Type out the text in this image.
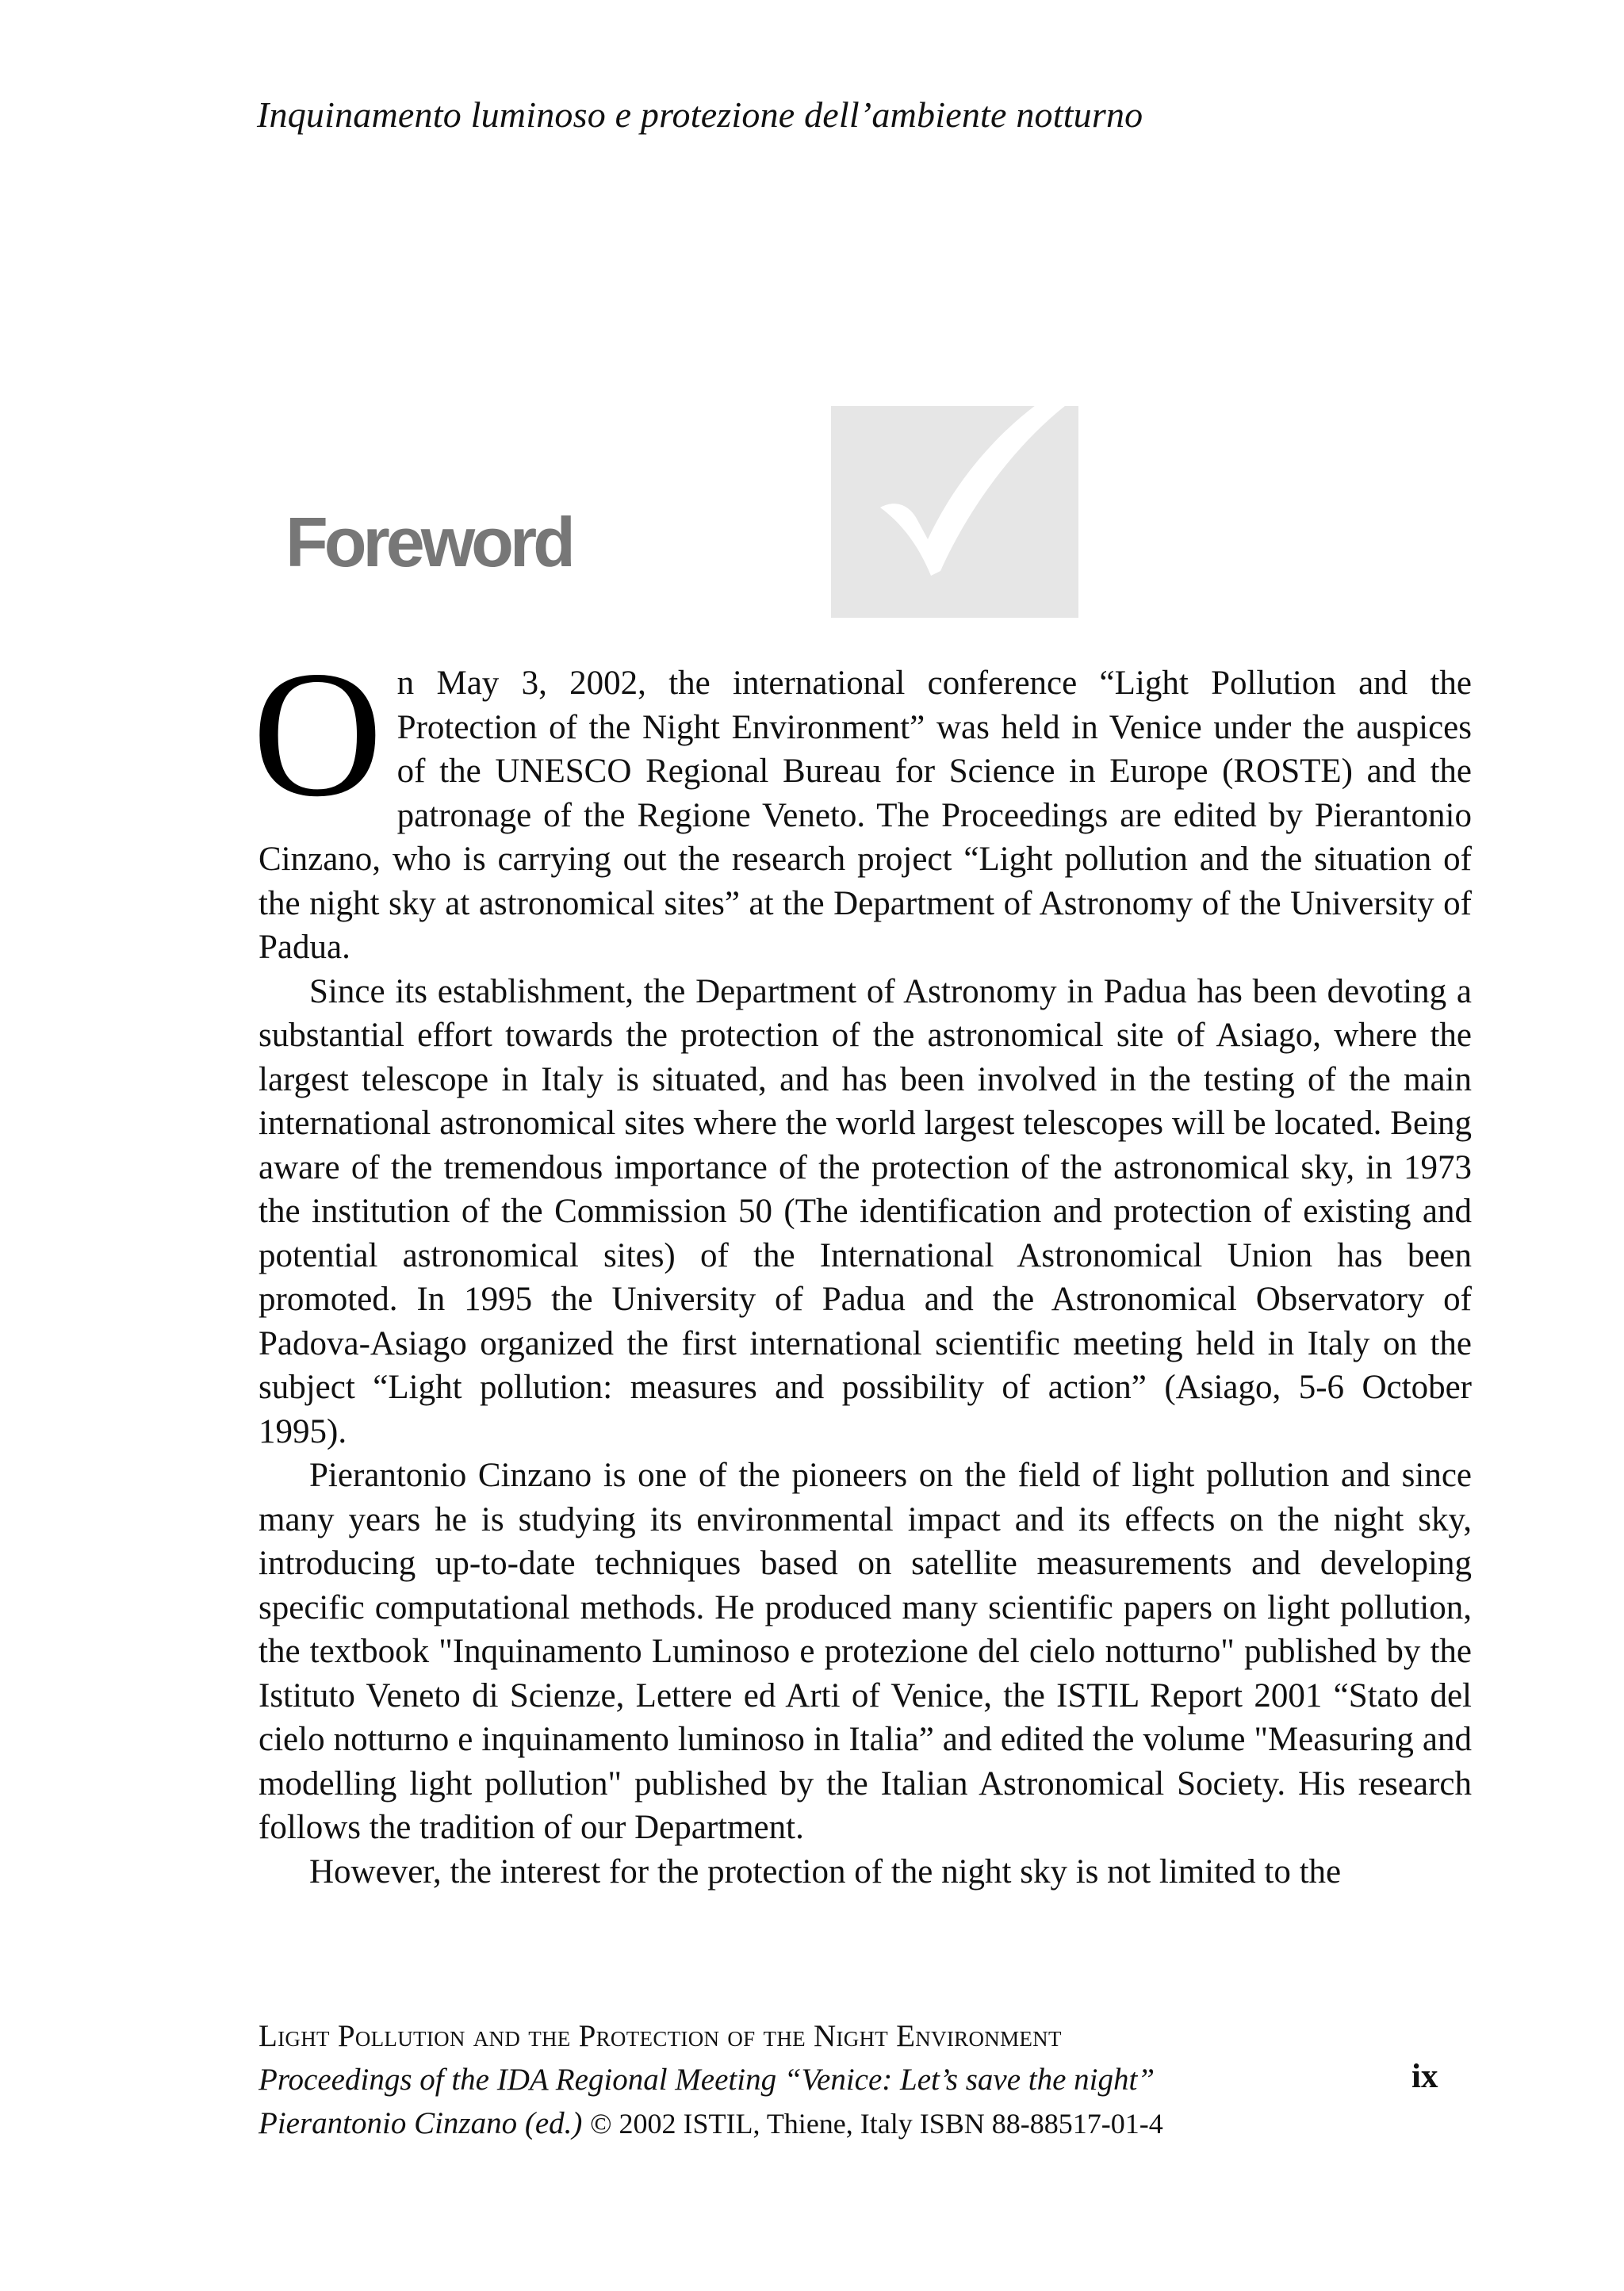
Inquinamento luminoso e protezione dell’ambiente notturno
Foreword

On May 3, 2002, the international conference “Light Pollution and the Protection of the Night Environment” was held in Venice under the auspices of the UNESCO Regional Bureau for Science in Europe (ROSTE) and the patronage of the Regione Veneto. The Proceedings are edited by Pierantonio Cinzano, who is carrying out the research project “Light pollution and the situation of the night sky at astronomical sites” at the Department of Astronomy of the University of Padua.

Since its establishment, the Department of Astronomy in Padua has been devoting a substantial effort towards the protection of the astronomical site of Asiago, where the largest telescope in Italy is situated, and has been involved in the testing of the main international astronomical sites where the world largest telescopes will be located. Being aware of the tremendous importance of the protection of the astronomical sky, in 1973 the institution of the Commission 50 (The identification and protection of existing and potential astronomical sites) of the International Astronomical Union has been promoted. In 1995 the University of Padua and the Astronomical Observatory of Padova-Asiago organized the first international scientific meeting held in Italy on the subject “Light pollution: measures and possibility of action” (Asiago, 5-6 October 1995).

Pierantonio Cinzano is one of the pioneers on the field of light pollution and since many years he is studying its environmental impact and its effects on the night sky, introducing up-to-date techniques based on satellite measurements and developing specific computational methods. He produced many scientific papers on light pollution, the textbook "Inquinamento Luminoso e protezione del cielo notturno" published by the Istituto Veneto di Scienze, Lettere ed Arti of Venice, the ISTIL Report 2001 “Stato del cielo notturno e inquinamento luminoso in Italia” and edited the volume "Measuring and modelling light pollution" published by the Italian Astronomical Society. His research follows the tradition of our Department.

However, the interest for the protection of the night sky is not limited to the

Light Pollution and the Protection of the Night Environment
Proceedings of the IDA Regional Meeting “Venice: Let’s save the night”
Pierantonio Cinzano (ed.) © 2002 ISTIL, Thiene, Italy ISBN 88-88517-01-4
ix
